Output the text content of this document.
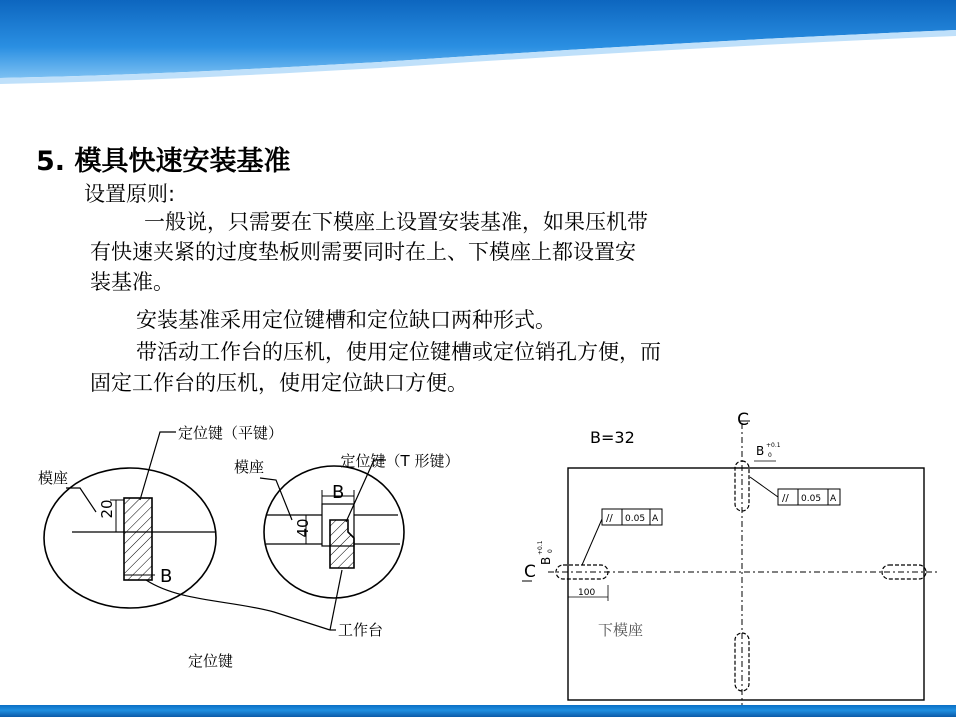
5. 模具快速安装基准
设置原则:
一般说，只需要在下模座上设置安装基准，如果压机带
有快速夹紧的过度垫板则需要同时在上、下模座上都设置安
装基准。
安装基准采用定位键槽和定位缺口两种形式。
带活动工作台的压机，使用定位键槽或定位销孔方便，而
固定工作台的压机，使用定位缺口方便。
20
B
模座
定位键（平键）
B
40
模座	定位键（T 形键）
工作台
定位键
B=32
C
C
B +0.1
0
// 0.05 A
// 0.05 A
B
+0.1 0
100
下模座
